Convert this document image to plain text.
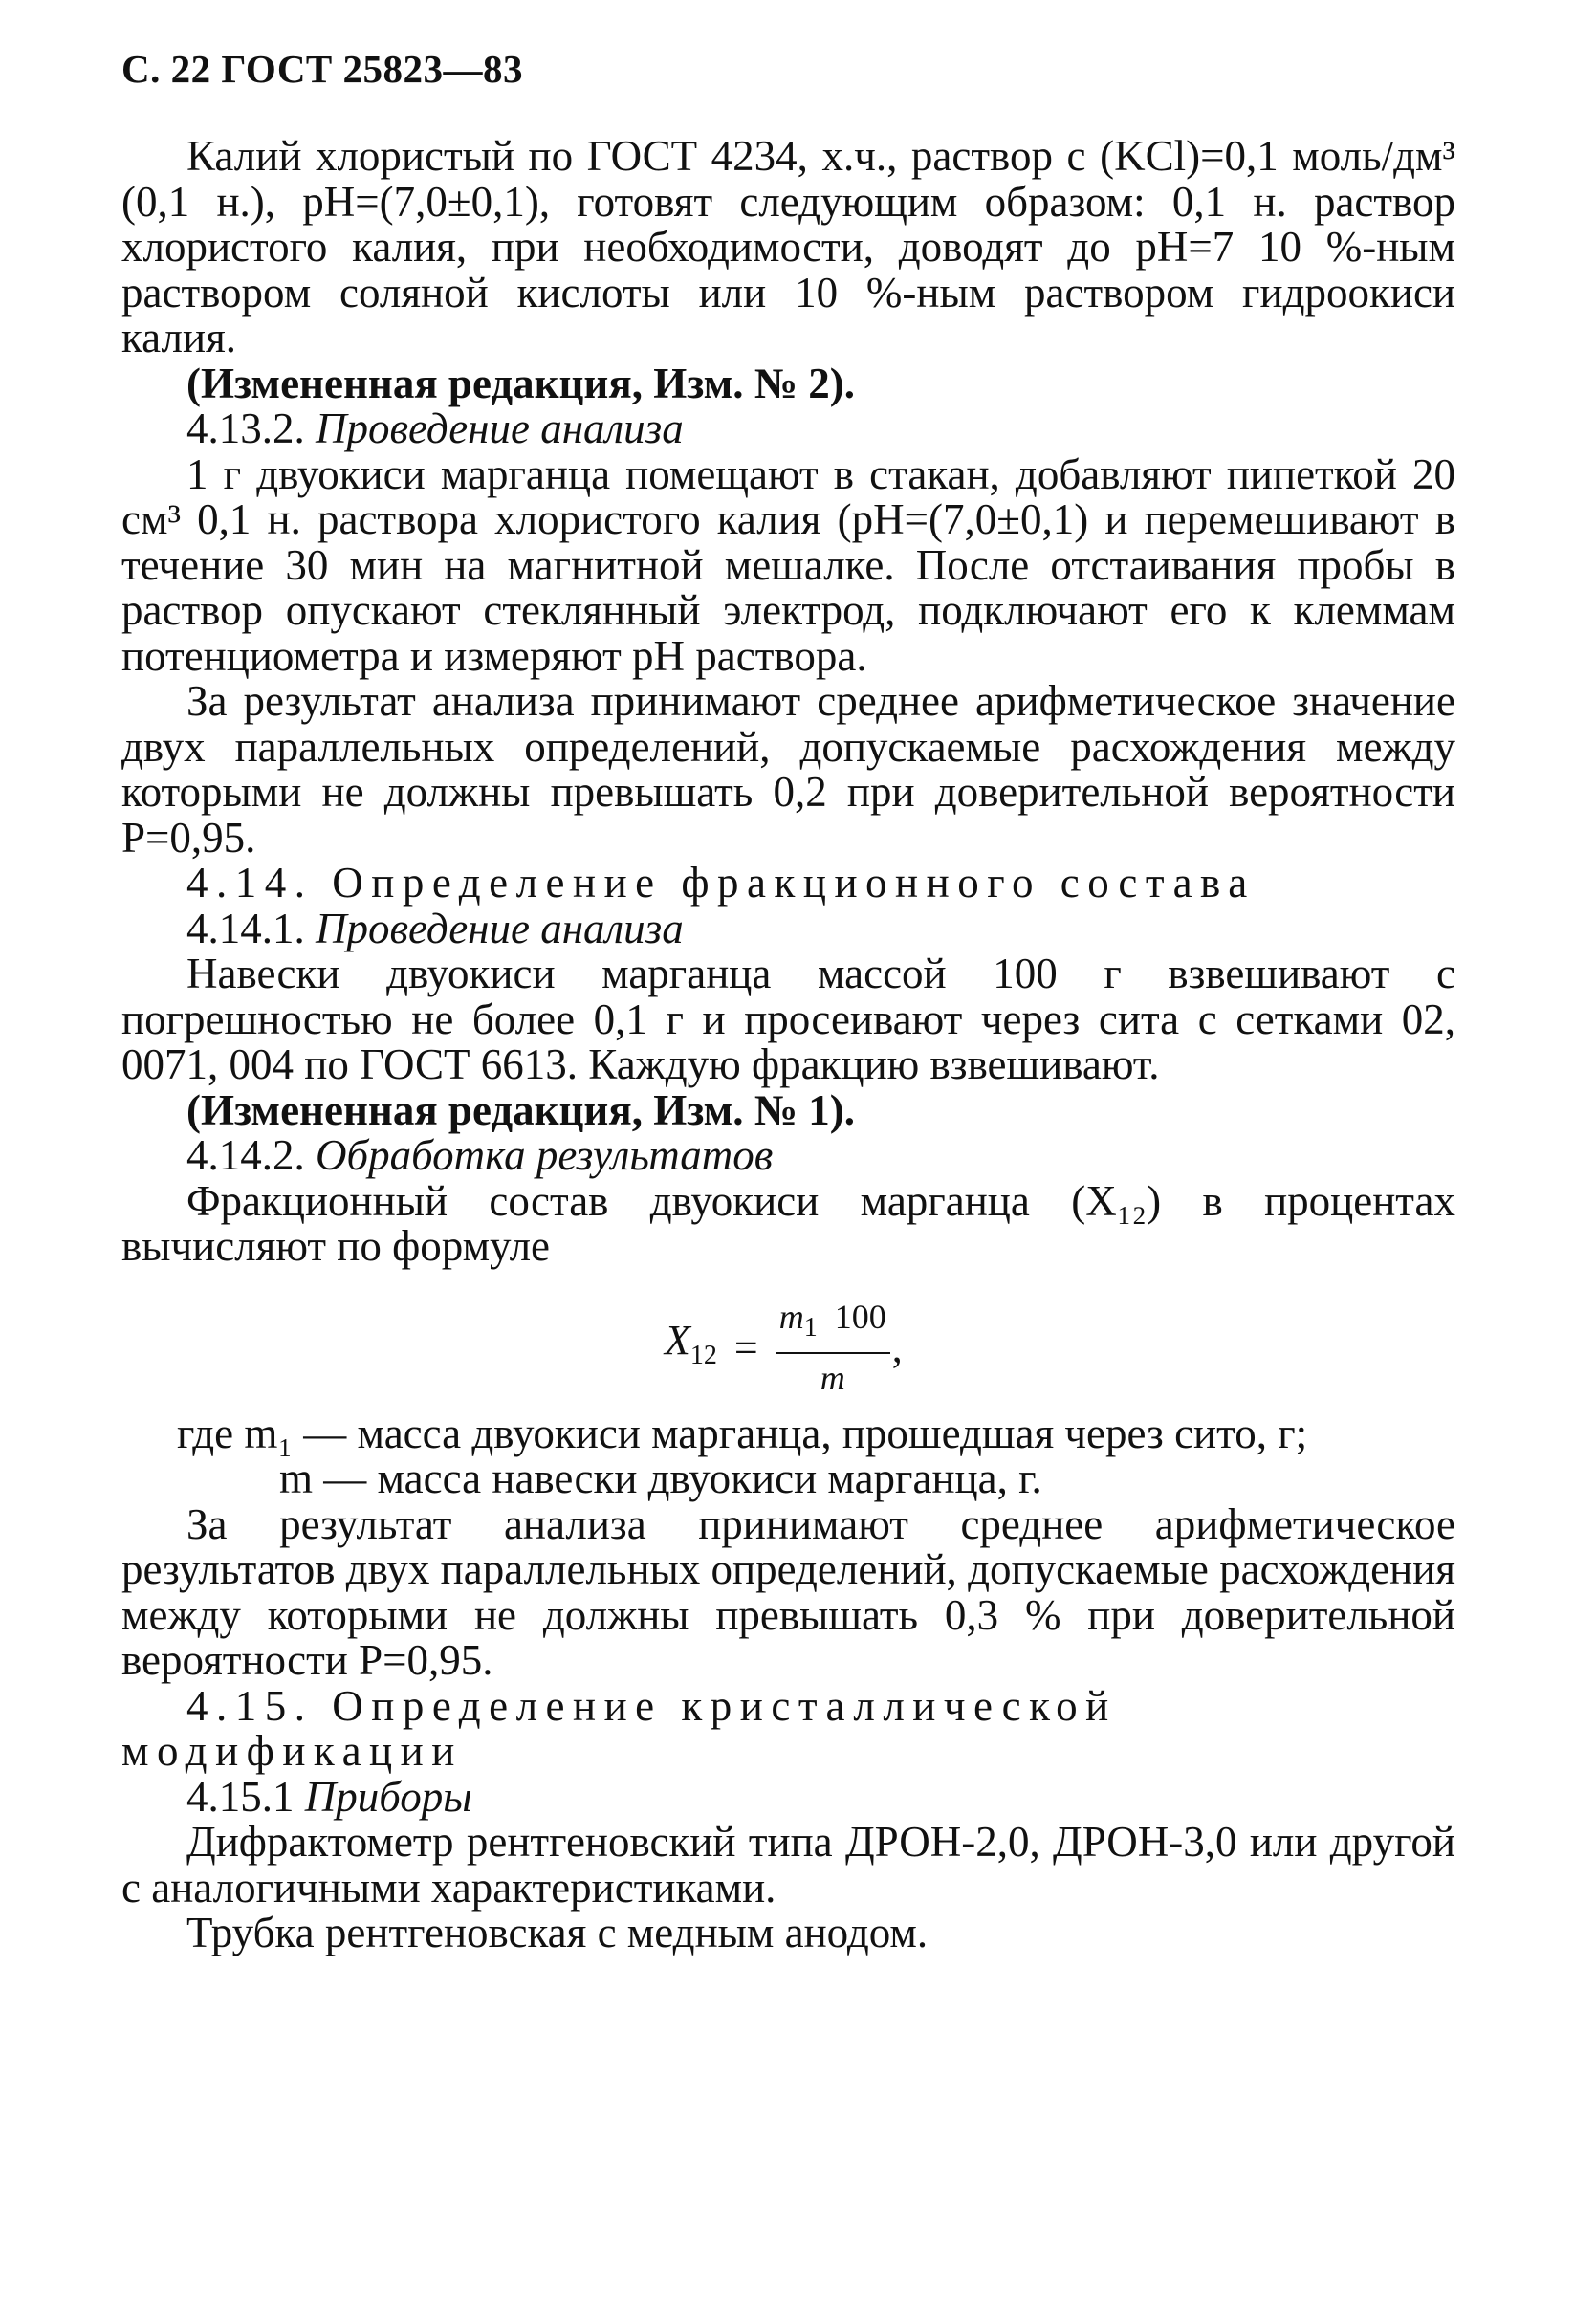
С. 22 ГОСТ 25823—83

Калий хлористый по ГОСТ 4234, х.ч., раствор c (KCl)=0,1 моль/дм³ (0,1 н.), pH=(7,0±0,1), готовят следующим образом: 0,1 н. раствор хлористого калия, при необходимости, доводят до pH=7 10 %-ным раствором соляной кислоты или 10 %-ным раствором гидроокиси калия.

(Измененная редакция, Изм. № 2).

4.13.2. Проведение анализа

1 г двуокиси марганца помещают в стакан, добавляют пипеткой 20 см³ 0,1 н. раствора хлористого калия (pH=(7,0±0,1) и перемешивают в течение 30 мин на магнитной мешалке. После отстаивания пробы в раствор опускают стеклянный электрод, подключают его к клеммам потенциометра и измеряют pH раствора.

За результат анализа принимают среднее арифметическое значение двух параллельных определений, допускаемые расхождения между которыми не должны превышать 0,2 при доверительной вероятности P=0,95.

4.14. Определение фракционного состава

4.14.1. Проведение анализа

Навески двуокиси марганца массой 100 г взвешивают с погрешностью не более 0,1 г и просеивают через сита с сетками 02, 0071, 004 по ГОСТ 6613. Каждую фракцию взвешивают.

(Измененная редакция, Изм. № 1).

4.14.2. Обработка результатов

Фракционный состав двуокиси марганца (X₁₂) в процентах вычисляют по формуле

$X_{12} = \frac{m_1 100}{m}$ ,

где m₁ — масса двуокиси марганца, прошедшая через сито, г;

m — масса навески двуокиси марганца, г.

За результат анализа принимают среднее арифметическое результатов двух параллельных определений, допускаемые расхождения между которыми не должны превышать 0,3 % при доверительной вероятности P=0,95.

4.15. Определение кристаллической модификации

4.15.1 Приборы

Дифрактометр рентгеновский типа ДРОН-2,0, ДРОН-3,0 или другой с аналогичными характеристиками.

Трубка рентгеновская с медным анодом.
